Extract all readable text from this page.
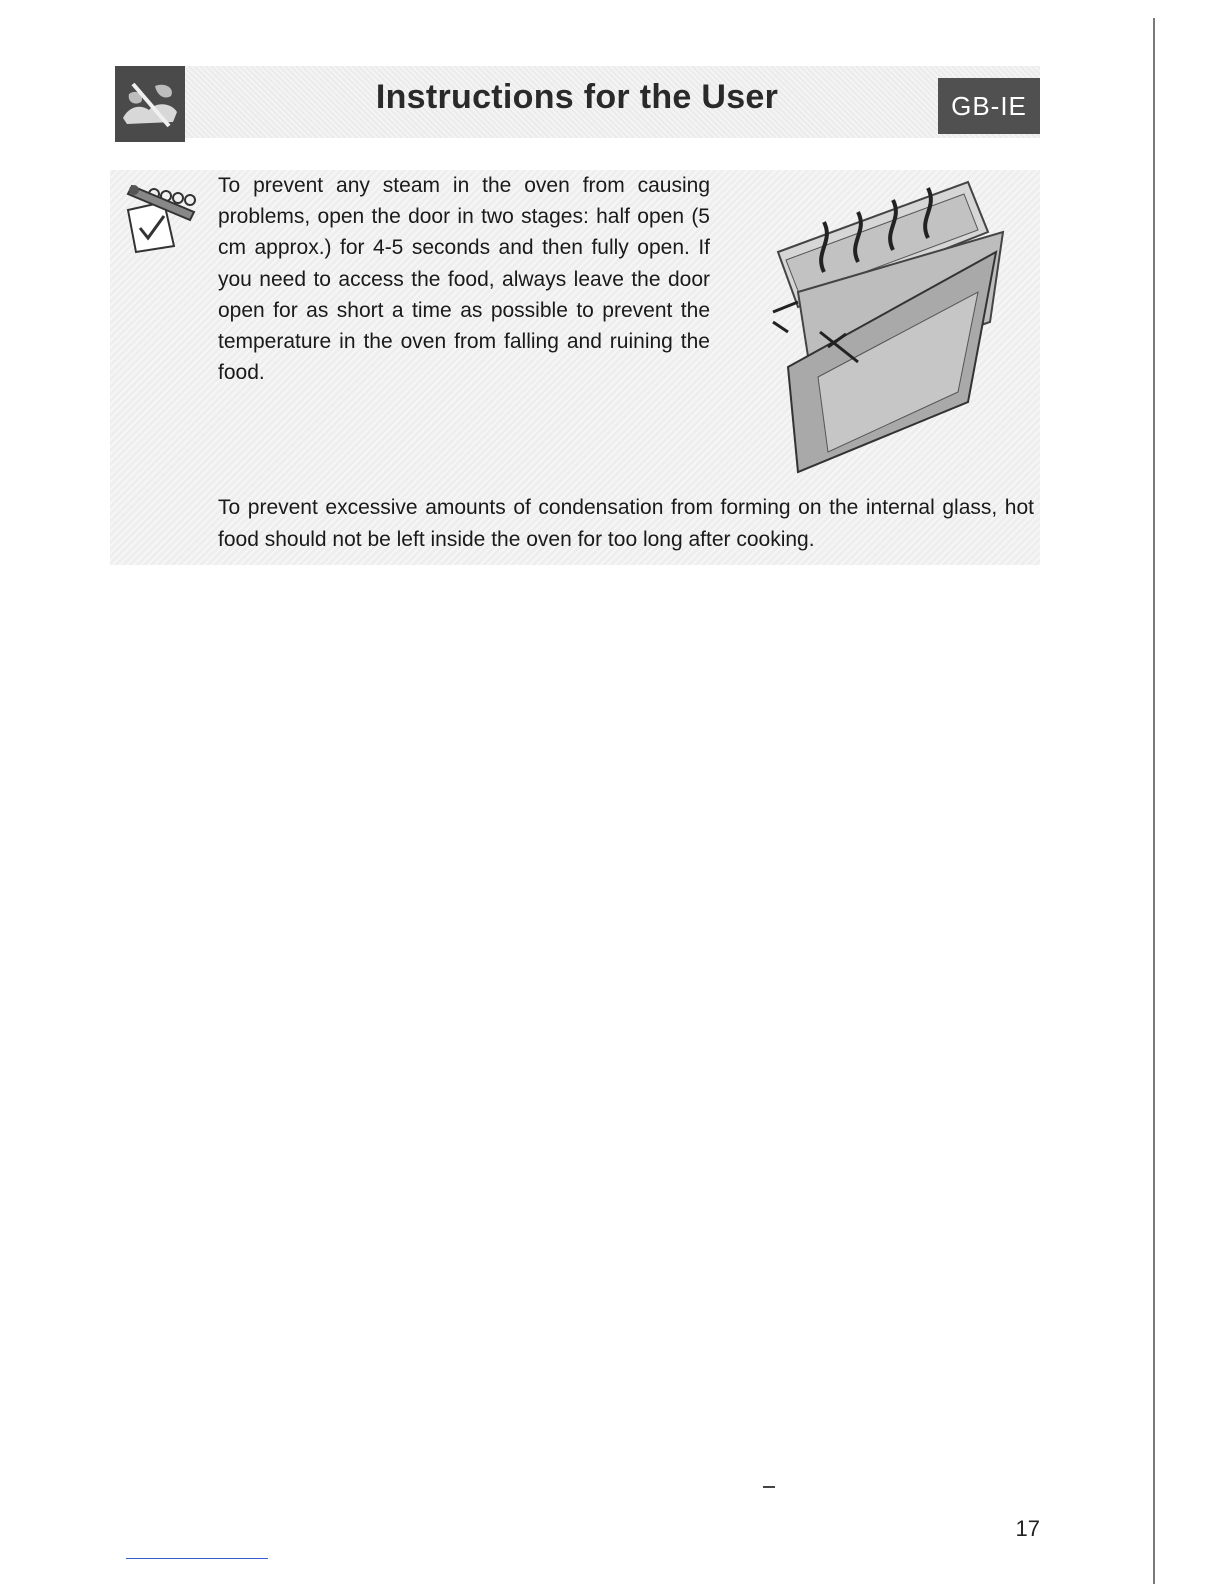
Instructions for the User	GB-IE

To prevent any steam in the oven from causing problems, open the door in two stages: half open (5 cm approx.) for 4-5 seconds and then fully open. If you need to access the food, always leave the door open for as short a time as possible to prevent the temperature in the oven from falling and ruining the food.

To prevent excessive amounts of condensation from forming on the internal glass, hot food should not be left inside the oven for too long after cooking.

17
